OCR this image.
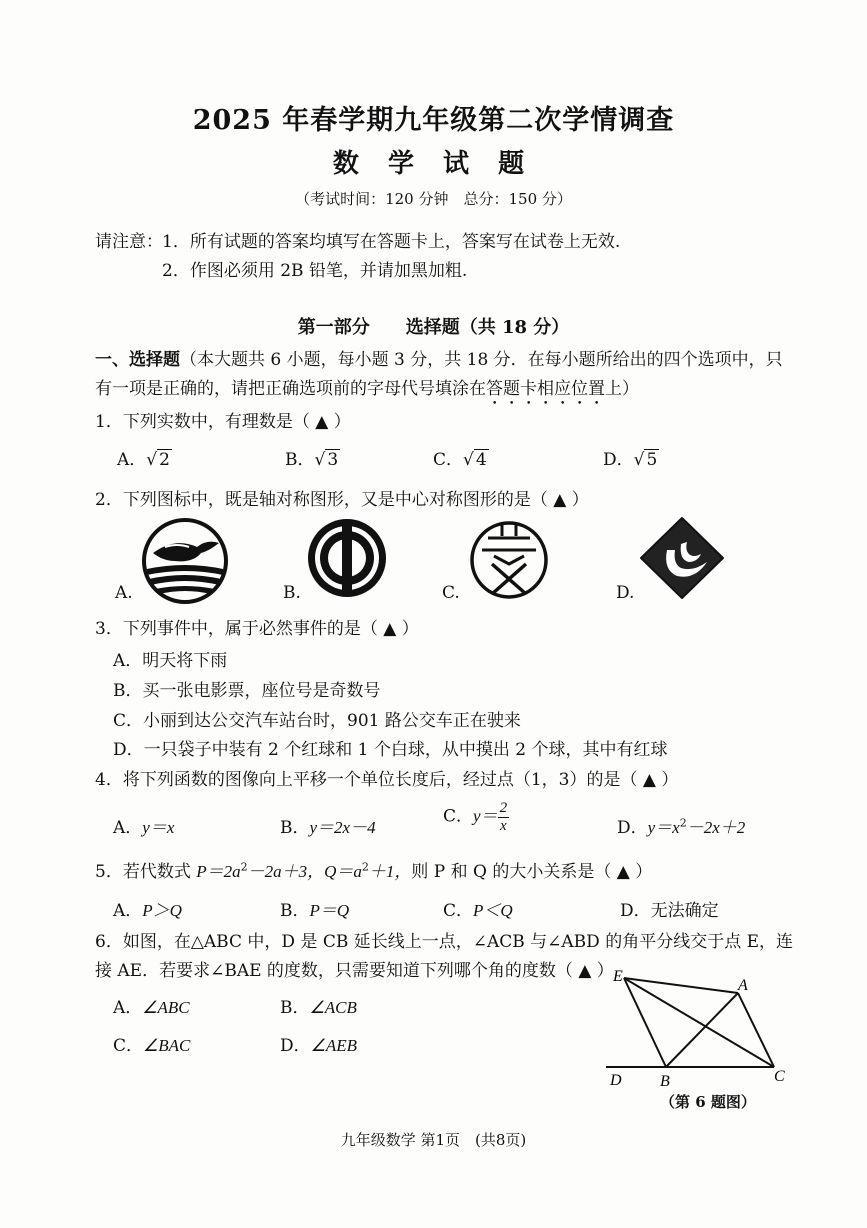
2025 年春学期九年级第二次学情调查
数 学 试 题
（考试时间：120 分钟　总分：150 分）
请注意： 1．所有试题的答案均填写在答题卡上，答案写在试卷上无效.
2．作图必须用 2B 铅笔，并请加黑加粗.
第一部分　　选择题（共 18 分）
一、选择题（本大题共 6 小题，每小题 3 分，共 18 分．在每小题所给出的四个选项中，只
有一项是正确的，请把正确选项前的字母代号填涂在答题卡相应位置上）
1．下列实数中，有理数是（ ▲ ）
A．√ 2	B．√ 3	C．√ 4	D．√ 5
2．下列图标中，既是轴对称图形，又是中心对称图形的是（ ▲ ）
A.	B.	C.	D.
3．下列事件中，属于必然事件的是（ ▲ ）
A．明天将下雨
B．买一张电影票，座位号是奇数号
C．小丽到达公交汽车站台时，901 路公交车正在驶来
D．一只袋子中装有 2 个红球和 1 个白球，从中摸出 2 个球，其中有红球
4．将下列函数的图像向上平移一个单位长度后，经过点（1，3）的是（ ▲ ）
A．y＝x	B．y＝2x－4
C．$y= \frac{2}{x}$	D．$y=x^2-2x+2$
5．若代数式 $P=2a^2-2a+3$，$Q=a^2+1$，则 P 和 Q 的大小关系是（ ▲ ）
A．P＞Q	B．P＝Q	C．P＜Q	D．无法确定
6．如图，在△ABC 中，D 是 CB 延长线上一点，∠ACB 与∠ABD 的角平分线交于点 E，连
接 AE．若要求∠BAE 的度数，只需要知道下列哪个角的度数（ ▲ ）
A．∠ABC	B．∠ACB
C．∠BAC	D．∠AEB
E
A
D B	C
（第 6 题图）
九年级数学 第1页　(共8页)
